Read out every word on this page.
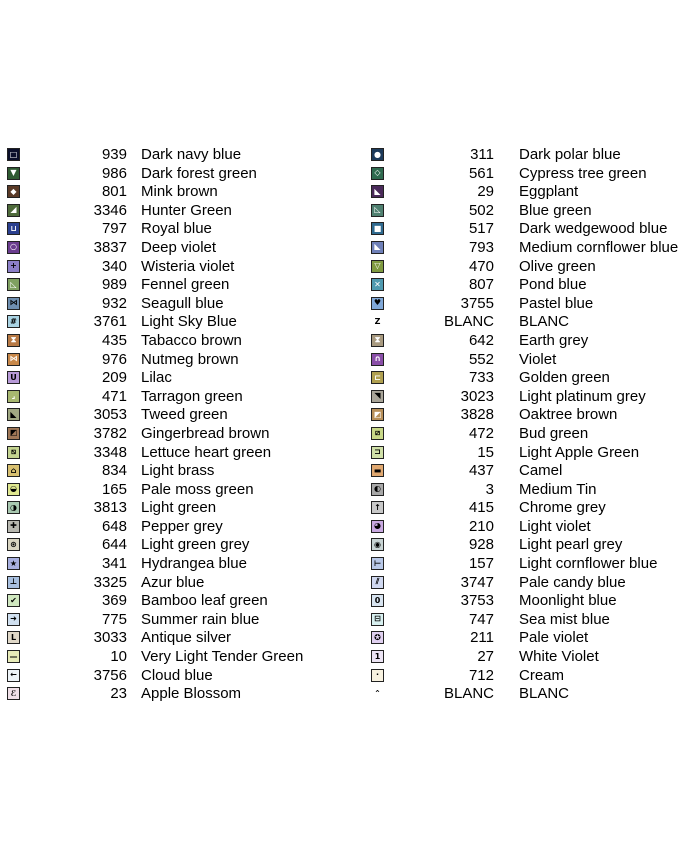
□	939 Dark navy blue
▼	986 Dark forest green
◆	801 Mink brown
◢	3346 Hunter Green
⊔	797 Royal blue
○	3837 Deep violet
+	340 Wisteria violet
◺	989 Fennel green
⋈	932 Seagull blue
#	3761 Light Sky Blue
⧗	435 Tabacco brown
⋈	976 Nutmeg brown
U	209 Lilac
⌟	471 Tarragon green
◣	3053 Tweed green
◩	3782 Gingerbread brown
⧅	3348 Lettuce heart green
⌂	834 Light brass
◒	165 Pale moss green
◑	3813 Light green
✚	648 Pepper grey
⊛	644 Light green grey
★	341 Hydrangea blue
⊥	3325 Azur blue
✔	369 Bamboo leaf green
➜	775 Summer rain blue
L	3033 Antique silver
—	10 Very Light Tender Green
←	3756 Cloud blue
ℰ	23 Apple Blossom
●	311 Dark polar blue
◇	561 Cypress tree green
◣	29 Eggplant
◺	502 Blue green
■	517 Dark wedgewood blue
◣	793 Medium cornflower blue
▽	470 Olive green
✕	807 Pond blue
♥	3755 Pastel blue
Z	BLANC BLANC
⧗	642 Earth grey
∩	552 Violet
⊏	733 Golden green
◥	3023 Light platinum grey
◩	3828 Oaktree brown
⧄	472 Bud green
⊐	15 Light Apple Green
▬	437 Camel
◐	3 Medium Tin
↑	415 Chrome grey
◕	210 Light violet
◉	928 Light pearl grey
⊢	157 Light cornflower blue
⫽	3747 Pale candy blue
0	3753 Moonlight blue
⊟	747 Sea mist blue
✪	211 Pale violet
1	27 White Violet
·	712 Cream
⌃	BLANC BLANC
